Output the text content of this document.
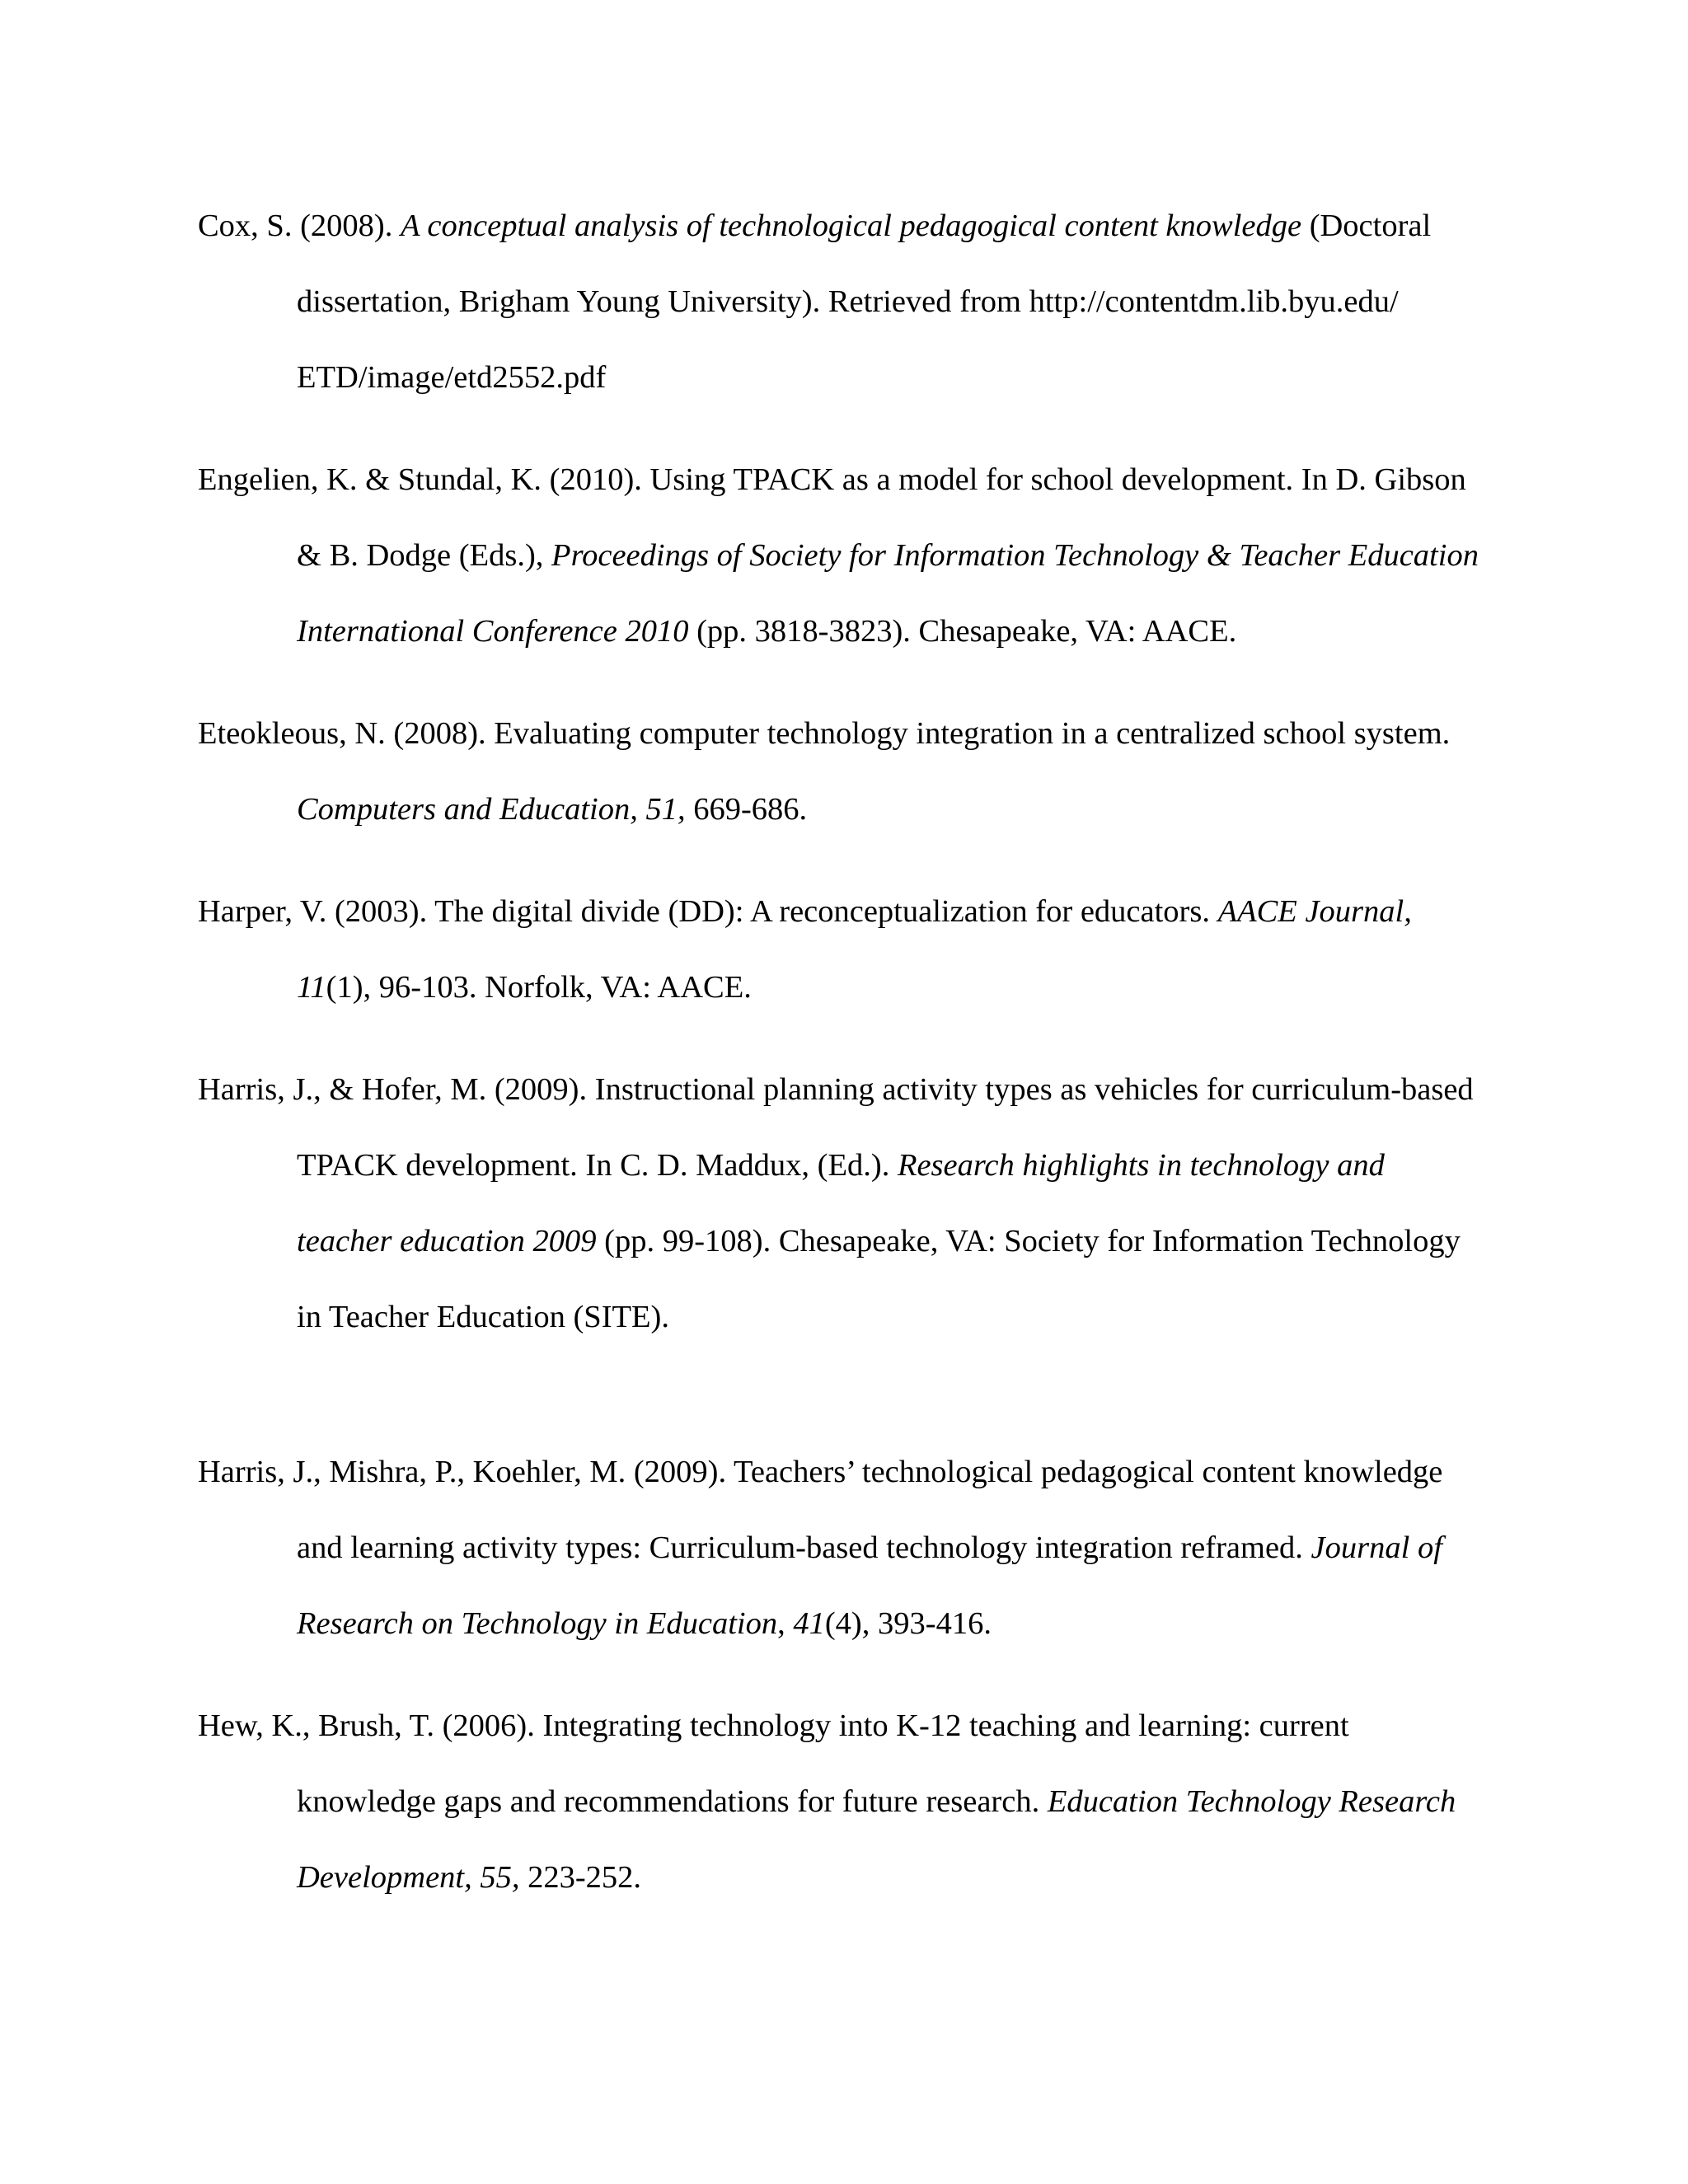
Cox, S. (2008). A conceptual analysis of technological pedagogical content knowledge (Doctoral dissertation, Brigham Young University). Retrieved from http://contentdm.lib.byu.edu/ ETD/image/etd2552.pdf

Engelien, K. & Stundal, K. (2010). Using TPACK as a model for school development. In D. Gibson & B. Dodge (Eds.), Proceedings of Society for Information Technology & Teacher Education International Conference 2010 (pp. 3818-3823). Chesapeake, VA: AACE.

Eteokleous, N. (2008). Evaluating computer technology integration in a centralized school system. Computers and Education, 51, 669-686.

Harper, V. (2003). The digital divide (DD): A reconceptualization for educators. AACE Journal, 11(1), 96-103. Norfolk, VA: AACE.

Harris, J., & Hofer, M. (2009). Instructional planning activity types as vehicles for curriculum-based TPACK development. In C. D. Maddux, (Ed.). Research highlights in technology and teacher education 2009 (pp. 99-108). Chesapeake, VA: Society for Information Technology in Teacher Education (SITE).

Harris, J., Mishra, P., Koehler, M. (2009). Teachers’ technological pedagogical content knowledge and learning activity types: Curriculum-based technology integration reframed. Journal of Research on Technology in Education, 41(4), 393-416.

Hew, K., Brush, T. (2006). Integrating technology into K-12 teaching and learning: current knowledge gaps and recommendations for future research. Education Technology Research Development, 55, 223-252.
